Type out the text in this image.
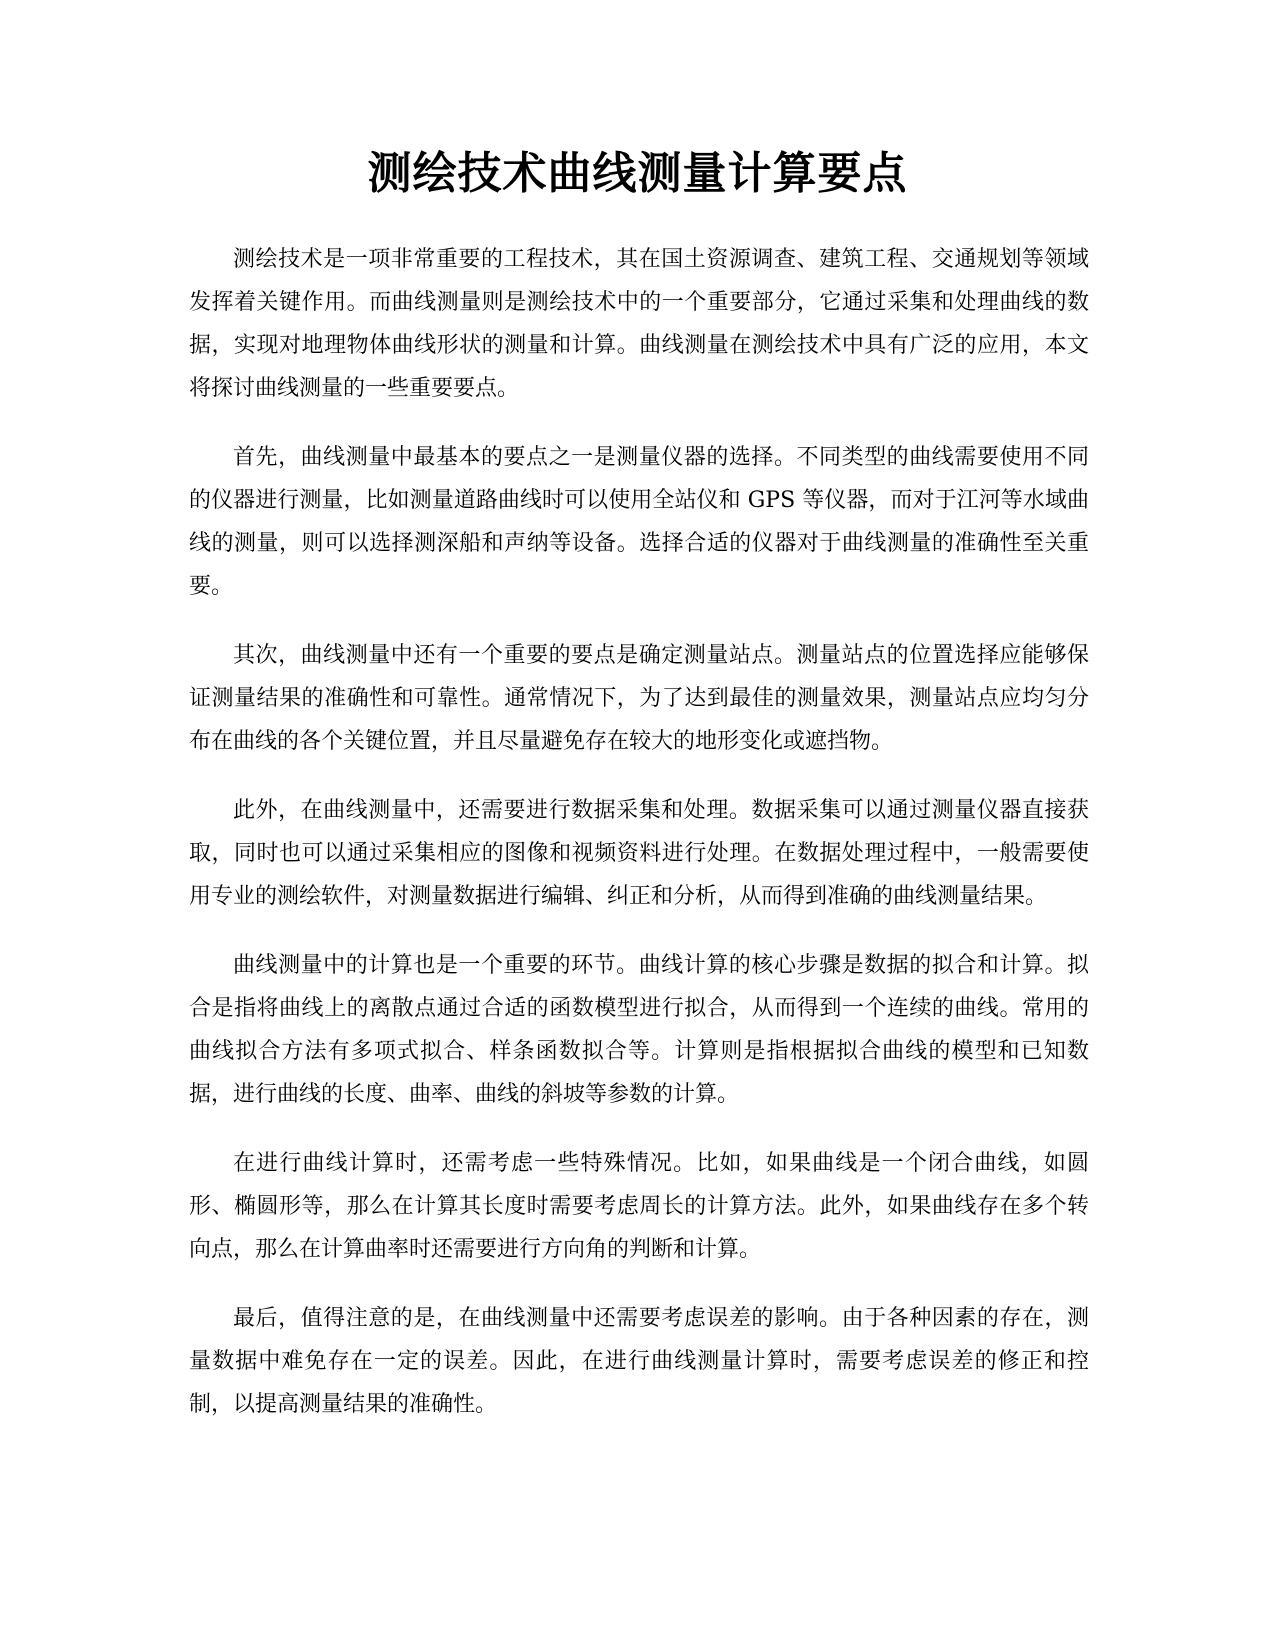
测绘技术曲线测量计算要点

测绘技术是一项非常重要的工程技术，其在国土资源调查、建筑工程、交通规划等领域发挥着关键作用。而曲线测量则是测绘技术中的一个重要部分，它通过采集和处理曲线的数据，实现对地理物体曲线形状的测量和计算。曲线测量在测绘技术中具有广泛的应用，本文将探讨曲线测量的一些重要要点。

首先，曲线测量中最基本的要点之一是测量仪器的选择。不同类型的曲线需要使用不同的仪器进行测量，比如测量道路曲线时可以使用全站仪和 GPS 等仪器，而对于江河等水域曲线的测量，则可以选择测深船和声纳等设备。选择合适的仪器对于曲线测量的准确性至关重要。

其次，曲线测量中还有一个重要的要点是确定测量站点。测量站点的位置选择应能够保证测量结果的准确性和可靠性。通常情况下，为了达到最佳的测量效果，测量站点应均匀分布在曲线的各个关键位置，并且尽量避免存在较大的地形变化或遮挡物。

此外，在曲线测量中，还需要进行数据采集和处理。数据采集可以通过测量仪器直接获取，同时也可以通过采集相应的图像和视频资料进行处理。在数据处理过程中，一般需要使用专业的测绘软件，对测量数据进行编辑、纠正和分析，从而得到准确的曲线测量结果。

曲线测量中的计算也是一个重要的环节。曲线计算的核心步骤是数据的拟合和计算。拟合是指将曲线上的离散点通过合适的函数模型进行拟合，从而得到一个连续的曲线。常用的曲线拟合方法有多项式拟合、样条函数拟合等。计算则是指根据拟合曲线的模型和已知数据，进行曲线的长度、曲率、曲线的斜坡等参数的计算。

在进行曲线计算时，还需考虑一些特殊情况。比如，如果曲线是一个闭合曲线，如圆形、椭圆形等，那么在计算其长度时需要考虑周长的计算方法。此外，如果曲线存在多个转向点，那么在计算曲率时还需要进行方向角的判断和计算。

最后，值得注意的是，在曲线测量中还需要考虑误差的影响。由于各种因素的存在，测量数据中难免存在一定的误差。因此，在进行曲线测量计算时，需要考虑误差的修正和控制，以提高测量结果的准确性。
